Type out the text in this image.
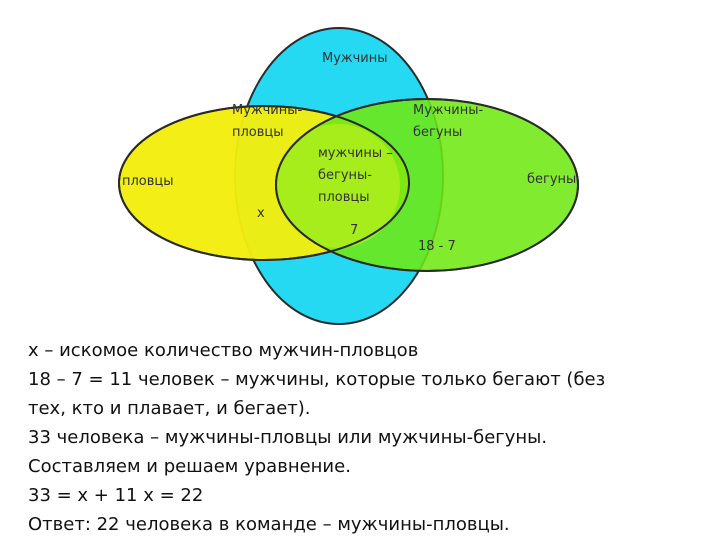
Мужчины
Мужчины-
пловцы
Мужчины-
бегуны
мужчины –
бегуны-
пловцы
пловцы	бегуны
x
7
18 - 7

x – искомое количество мужчин-пловцов

18 – 7 = 11 человек – мужчины, которые только бегают (без

тех, кто и плавает, и бегает).

33 человека – мужчины-пловцы или мужчины-бегуны.

Составляем и решаем уравнение.

33 = х + 11 х = 22

Ответ: 22 человека в команде – мужчины-пловцы.
